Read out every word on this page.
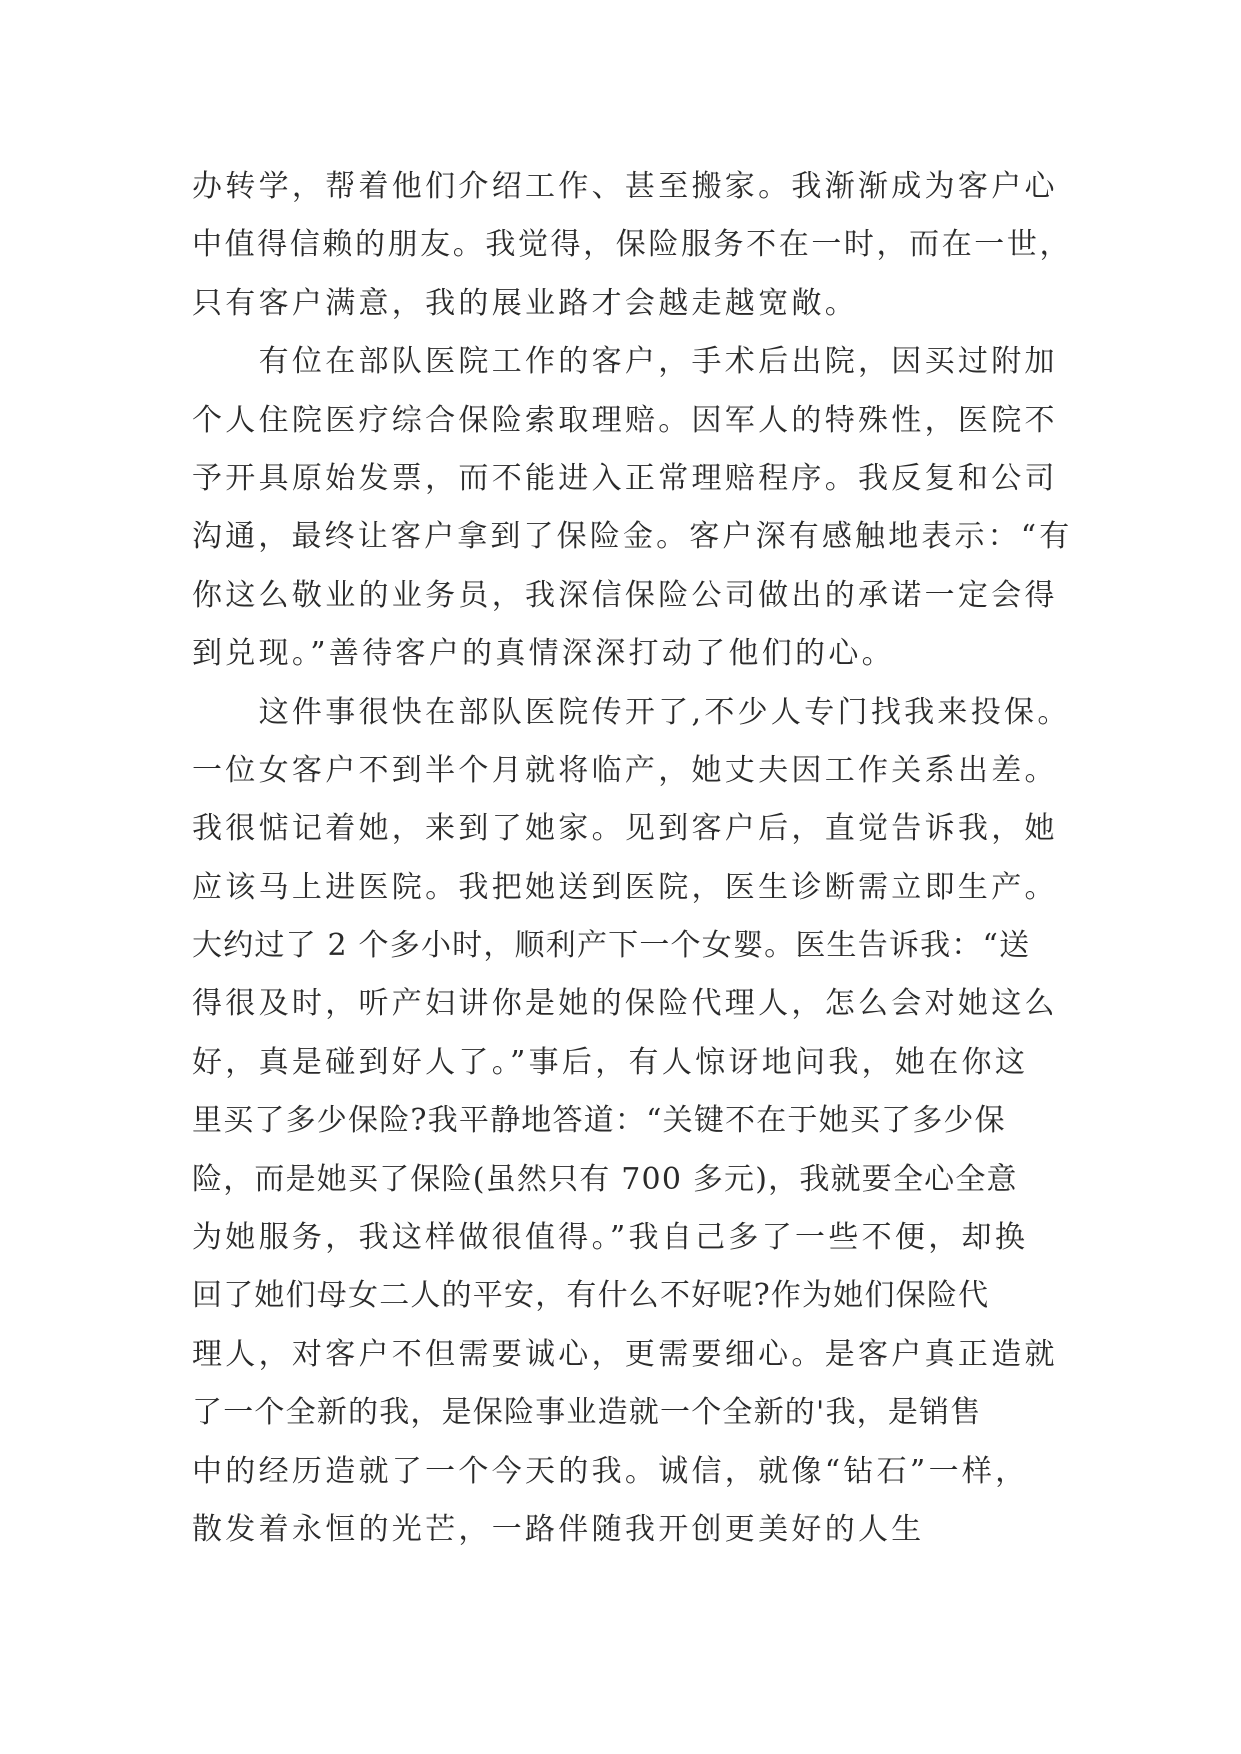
办转学，帮着他们介绍工作、甚至搬家。我渐渐成为客户心
中值得信赖的朋友。我觉得，保险服务不在一时，而在一世，
只有客户满意，我的展业路才会越走越宽敞。
　　有位在部队医院工作的客户，手术后出院，因买过附加
个人住院医疗综合保险索取理赔。因军人的特殊性，医院不
予开具原始发票，而不能进入正常理赔程序。我反复和公司
沟通，最终让客户拿到了保险金。客户深有感触地表示：“有
你这么敬业的业务员，我深信保险公司做出的承诺一定会得
到兑现。”善待客户的真情深深打动了他们的心。
　　这件事很快在部队医院传开了,不少人专门找我来投保。
一位女客户不到半个月就将临产，她丈夫因工作关系出差。
我很惦记着她，来到了她家。见到客户后，直觉告诉我，她
应该马上进医院。我把她送到医院，医生诊断需立即生产。
大约过了 2 个多小时，顺利产下一个女婴。医生告诉我：“送
得很及时，听产妇讲你是她的保险代理人，怎么会对她这么
好，真是碰到好人了。”事后，有人惊讶地问我，她在你这
里买了多少保险?我平静地答道：“关键不在于她买了多少保
险，而是她买了保险(虽然只有 700 多元)，我就要全心全意
为她服务，我这样做很值得。”我自己多了一些不便，却换
回了她们母女二人的平安，有什么不好呢?作为她们保险代
理人，对客户不但需要诚心，更需要细心。是客户真正造就
了一个全新的我，是保险事业造就一个全新的'我，是销售
中的经历造就了一个今天的我。诚信，就像“钻石”一样，
散发着永恒的光芒，一路伴随我开创更美好的人生
